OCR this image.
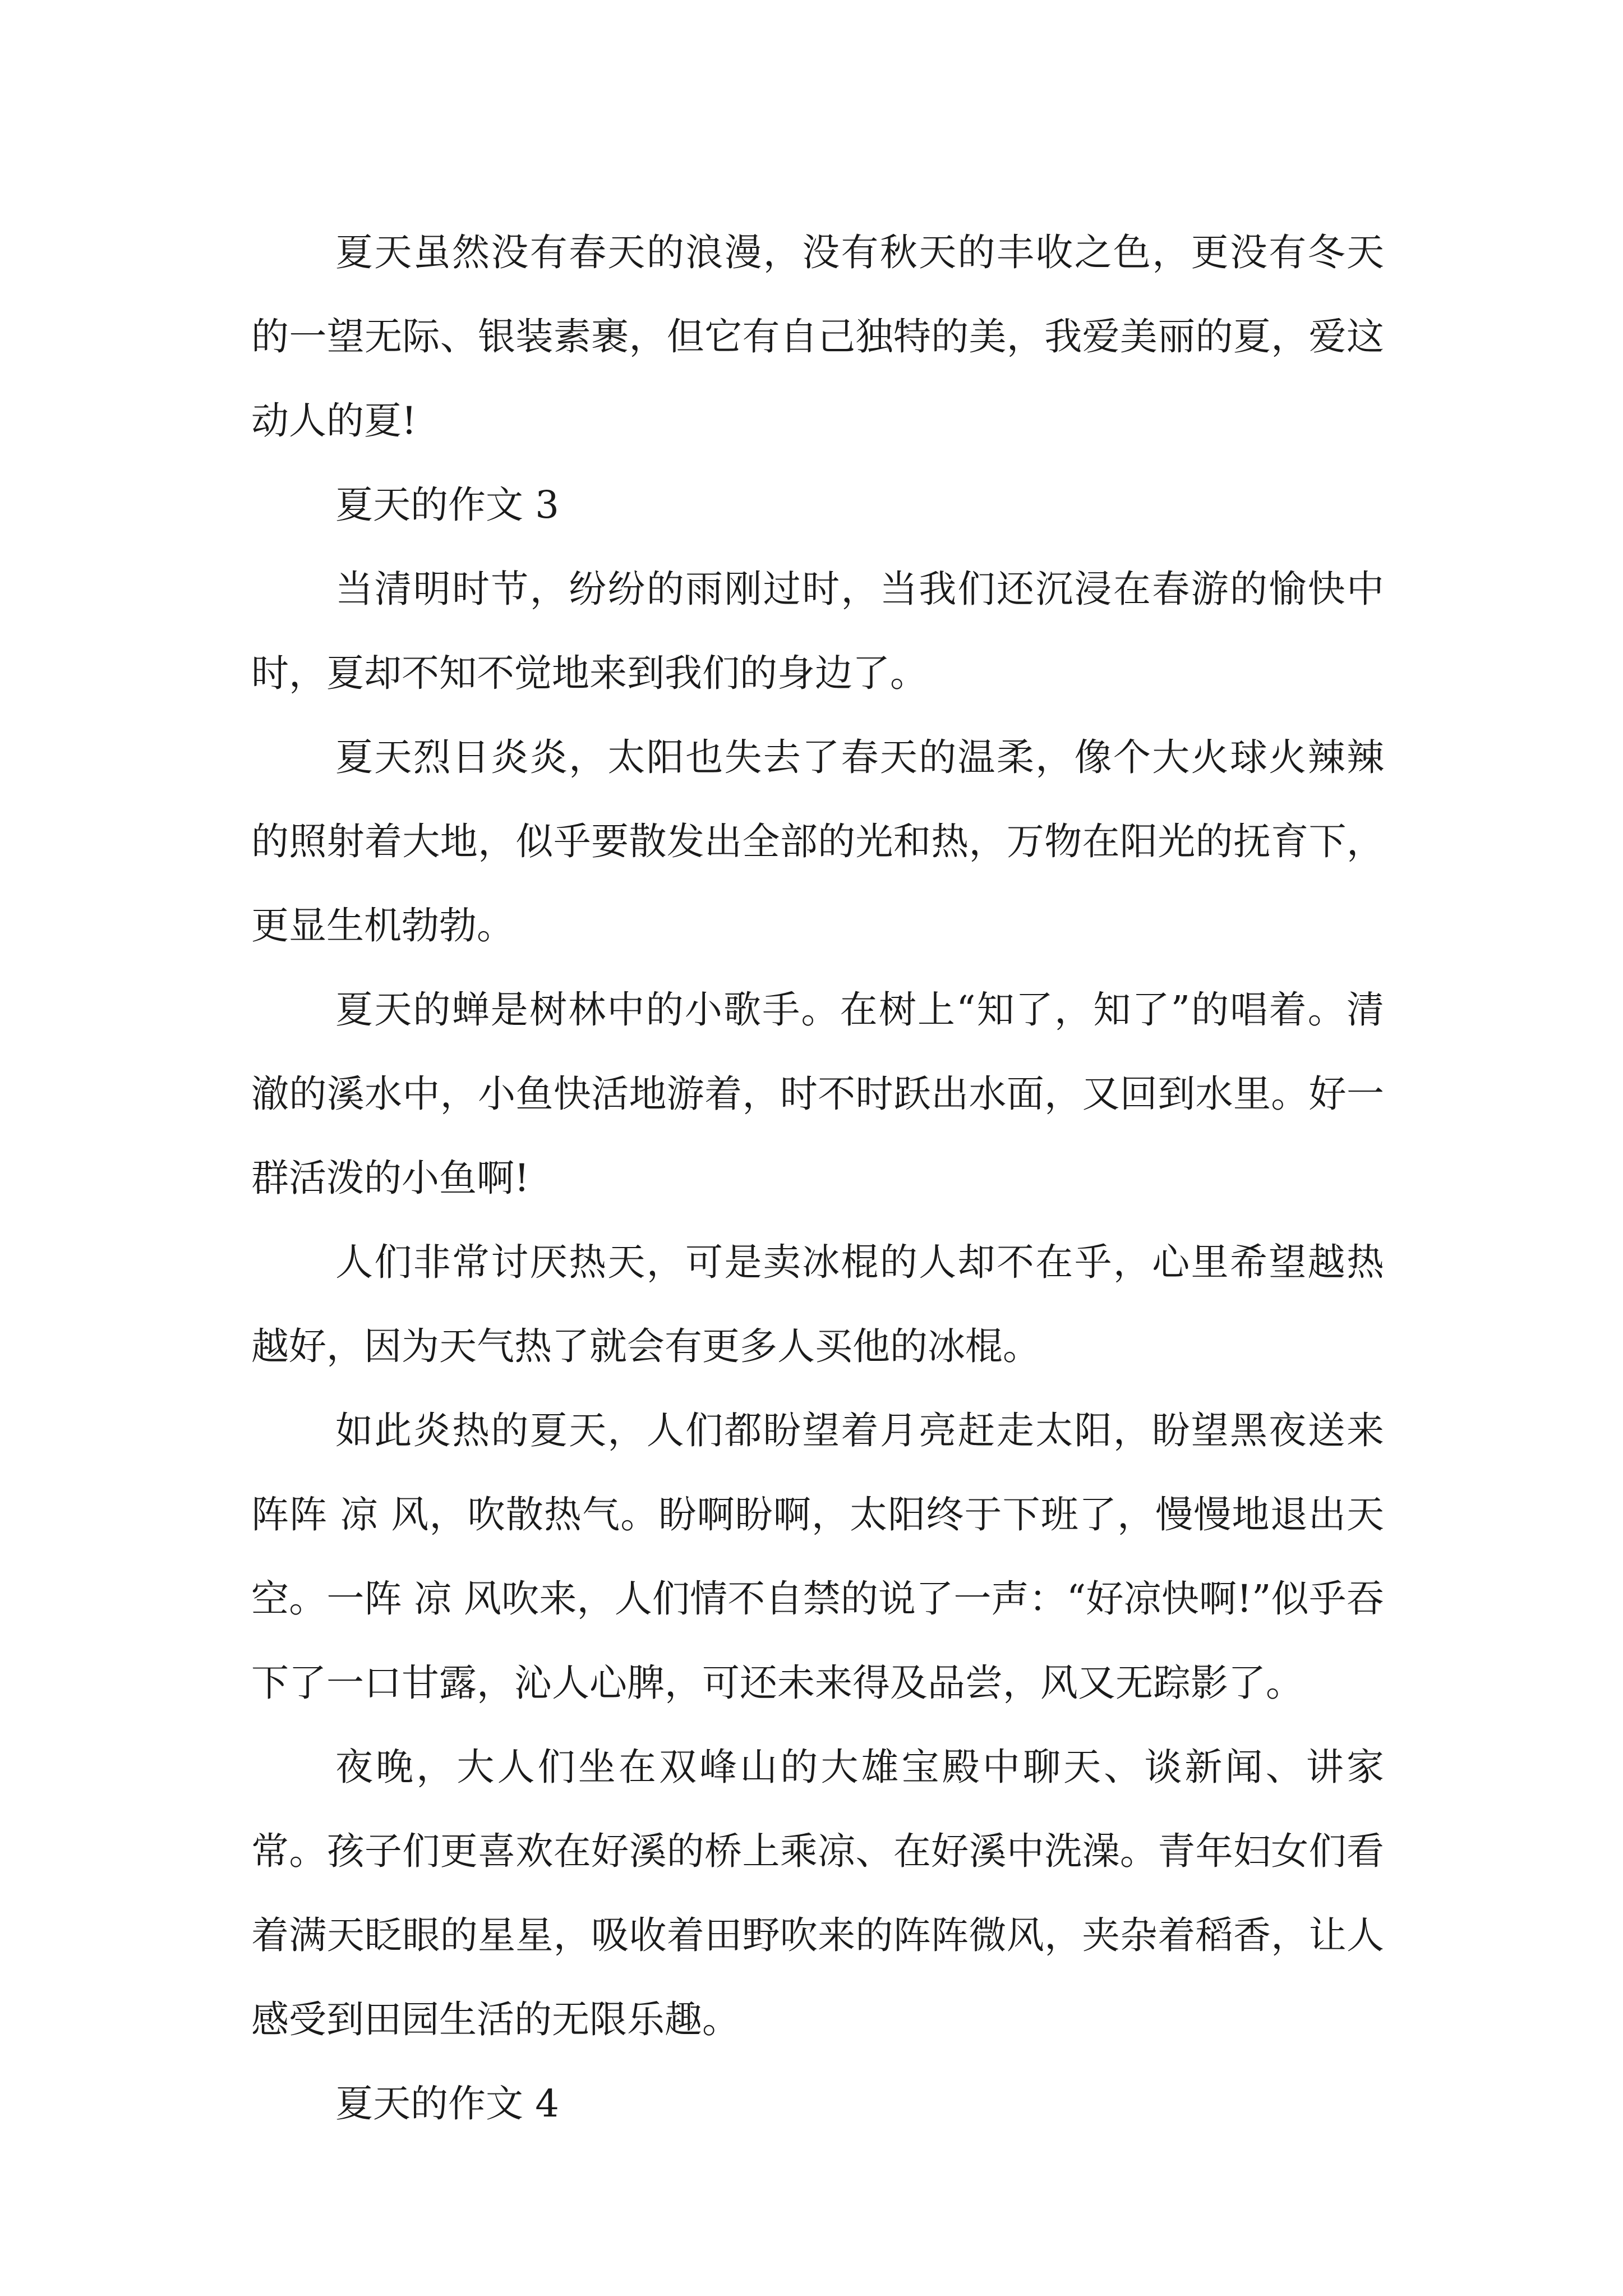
夏天虽然没有春天的浪漫，没有秋天的丰收之色，更没有冬天的一望无际、银装素裹，但它有自己独特的美，我爱美丽的夏，爱这动人的夏!

夏天的作文 3

当清明时节，纷纷的雨刚过时，当我们还沉浸在春游的愉快中时，夏却不知不觉地来到我们的身边了。

夏天烈日炎炎，太阳也失去了春天的温柔，像个大火球火辣辣的照射着大地，似乎要散发出全部的光和热，万物在阳光的抚育下，更显生机勃勃。

夏天的蝉是树林中的小歌手。在树上“知了，知了”的唱着。清澈的溪水中，小鱼快活地游着，时不时跃出水面，又回到水里。好一群活泼的小鱼啊!

人们非常讨厌热天，可是卖冰棍的人却不在乎，心里希望越热越好，因为天气热了就会有更多人买他的冰棍。

如此炎热的夏天，人们都盼望着月亮赶走太阳，盼望黑夜送来阵阵 凉 风，吹散热气。盼啊盼啊，太阳终于下班了，慢慢地退出天空。一阵 凉 风吹来，人们情不自禁的说了一声：“好凉快啊!”似乎吞下了一口甘露，沁人心脾，可还未来得及品尝，风又无踪影了。

夜晚，大人们坐在双峰山的大雄宝殿中聊天、谈新闻、讲家常。孩子们更喜欢在好溪的桥上乘凉、在好溪中洗澡。青年妇女们看着满天眨眼的星星，吸收着田野吹来的阵阵微风，夹杂着稻香，让人感受到田园生活的无限乐趣。

夏天的作文 4
